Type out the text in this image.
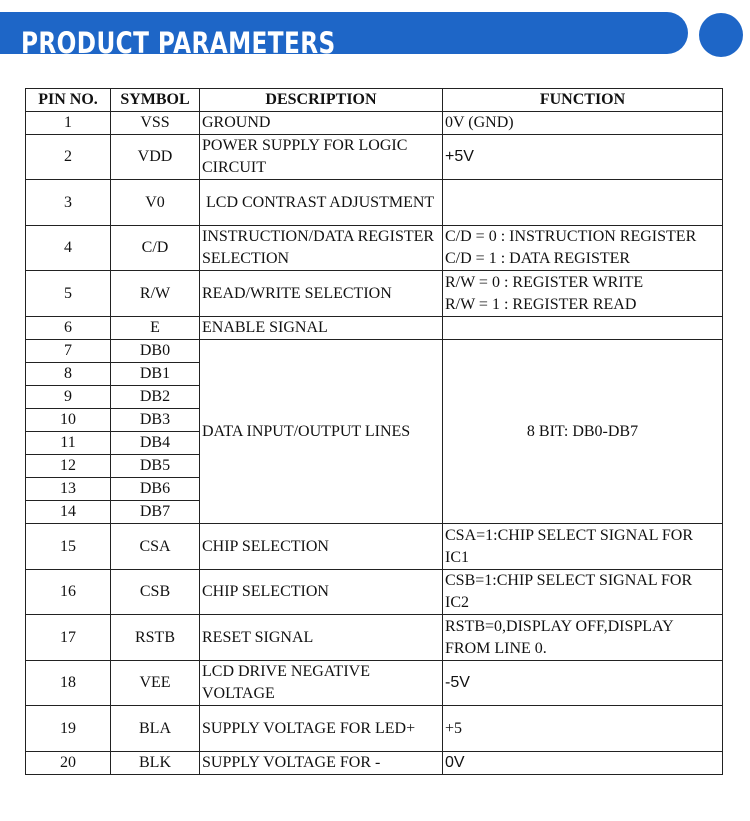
PRODUCT PARAMETERS
PIN NO.	SYMBOL	DESCRIPTION	FUNCTION
1	VSS	GROUND	0V (GND)
2	VDD	POWER SUPPLY FOR LOGIC CIRCUIT	+5V
3	V0	LCD CONTRAST ADJUSTMENT	
4	C/D	INSTRUCTION/DATA REGISTER SELECTION	C/D = 0 : INSTRUCTION REGISTER
C/D = 1 : DATA REGISTER

5	R/W	READ/WRITE SELECTION	R/W = 0 : REGISTER WRITE
R/W = 1 : REGISTER READ

6	E	ENABLE SIGNAL	
7	DB0	DATA INPUT/OUTPUT LINES	8 BIT: DB0-DB7
8	DB1		
9	DB2		
10	DB3		
11	DB4		
12	DB5		
13	DB6		
14	DB7		
15	CSA	CHIP SELECTION	CSA=1:CHIP SELECT SIGNAL FOR IC1
16	CSB	CHIP SELECTION	CSB=1:CHIP SELECT SIGNAL FOR IC2
17	RSTB	RESET SIGNAL	RSTB=0,DISPLAY OFF,DISPLAY FROM LINE 0.
18	VEE	LCD DRIVE NEGATIVE VOLTAGE	-5V
19	BLA	SUPPLY VOLTAGE FOR LED+	+5
20	BLK	SUPPLY VOLTAGE FOR -	0V
